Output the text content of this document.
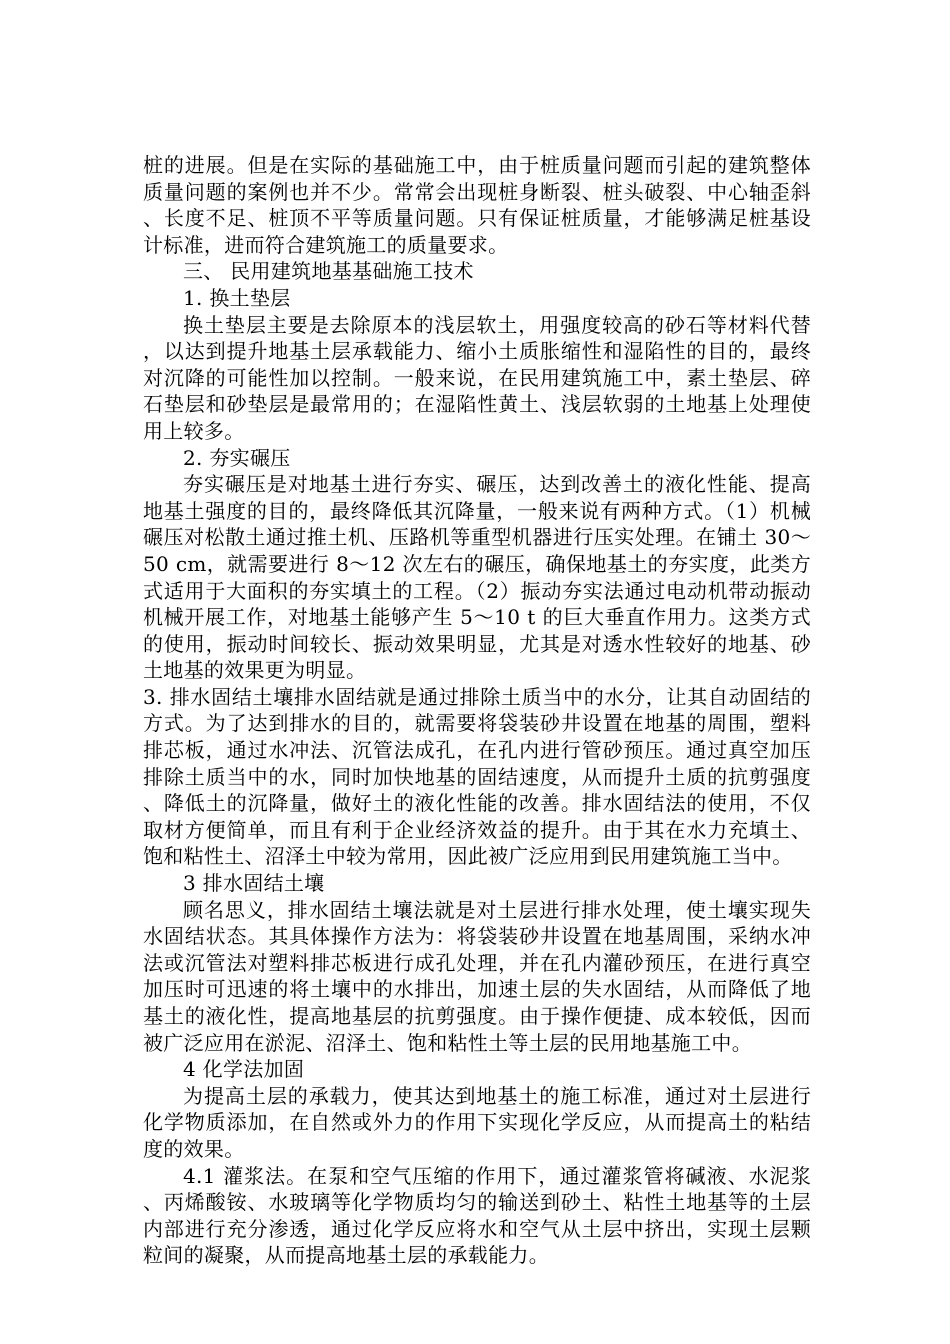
桩的进展。但是在实际的基础施工中，由于桩质量问题而引起的建筑整体质量问题的案例也并不少。常常会出现桩身断裂、桩头破裂、中心轴歪斜、长度不足、桩顶不平等质量问题。只有保证桩质量，才能够满足桩基设计标准，进而符合建筑施工的质量要求。

三、 民用建筑地基基础施工技术

1. 换土垫层

换土垫层主要是去除原本的浅层软土，用强度较高的砂石等材料代替，以达到提升地基土层承载能力、缩小土质胀缩性和湿陷性的目的，最终对沉降的可能性加以控制。一般来说，在民用建筑施工中，素土垫层、碎石垫层和砂垫层是最常用的；在湿陷性黄土、浅层软弱的土地基上处理使用上较多。

2. 夯实碾压

夯实碾压是对地基土进行夯实、碾压，达到改善土的液化性能、提高地基土强度的目的，最终降低其沉降量，一般来说有两种方式。（1）机械碾压对松散土通过推土机、压路机等重型机器进行压实处理。在铺土 30～50 cm，就需要进行 8～12 次左右的碾压，确保地基土的夯实度，此类方式适用于大面积的夯实填土的工程。（2）振动夯实法通过电动机带动振动机械开展工作，对地基土能够产生 5～10 t 的巨大垂直作用力。这类方式的使用，振动时间较长、振动效果明显，尤其是对透水性较好的地基、砂土地基的效果更为明显。

3. 排水固结土壤排水固结就是通过排除土质当中的水分，让其自动固结的方式。为了达到排水的目的，就需要将袋装砂井设置在地基的周围，塑料排芯板，通过水冲法、沉管法成孔，在孔内进行管砂预压。通过真空加压排除土质当中的水，同时加快地基的固结速度，从而提升土质的抗剪强度、降低土的沉降量，做好土的液化性能的改善。排水固结法的使用，不仅取材方便简单，而且有利于企业经济效益的提升。由于其在水力充填土、饱和粘性土、沼泽土中较为常用，因此被广泛应用到民用建筑施工当中。

3 排水固结土壤

顾名思义，排水固结土壤法就是对土层进行排水处理，使土壤实现失水固结状态。其具体操作方法为：将袋装砂井设置在地基周围，采纳水冲法或沉管法对塑料排芯板进行成孔处理，并在孔内灌砂预压，在进行真空加压时可迅速的将土壤中的水排出，加速土层的失水固结，从而降低了地基土的液化性，提高地基层的抗剪强度。由于操作便捷、成本较低，因而被广泛应用在淤泥、沼泽土、饱和粘性土等土层的民用地基施工中。

4 化学法加固

为提高土层的承载力，使其达到地基土的施工标准，通过对土层进行化学物质添加，在自然或外力的作用下实现化学反应，从而提高土的粘结度的效果。

4.1 灌浆法。在泵和空气压缩的作用下，通过灌浆管将碱液、水泥浆、丙烯酸铵、水玻璃等化学物质均匀的输送到砂土、粘性土地基等的土层内部进行充分渗透，通过化学反应将水和空气从土层中挤出，实现土层颗粒间的凝聚，从而提高地基土层的承载能力。
